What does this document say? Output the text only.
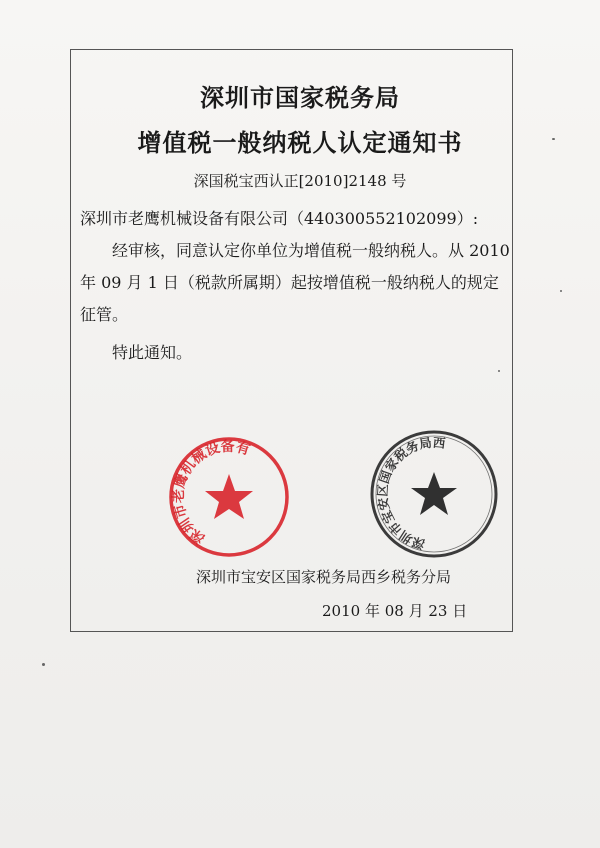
深圳市国家税务局
增值税一般纳税人认定通知书
深国税宝西认正[2010]2148 号
深圳市老鹰机械设备有限公司（440300552102099）:
经审核，同意认定你单位为增值税一般纳税人。从 2010 年 09 月 1 日（税款所属期）起按增值税一般纳税人的规定征管。
特此通知。
深圳市老鹰机械设备有限公司
深圳市宝安区国家税务局西乡税务分局
深圳市宝安区国家税务局西乡税务分局
2010 年 08 月 23 日
